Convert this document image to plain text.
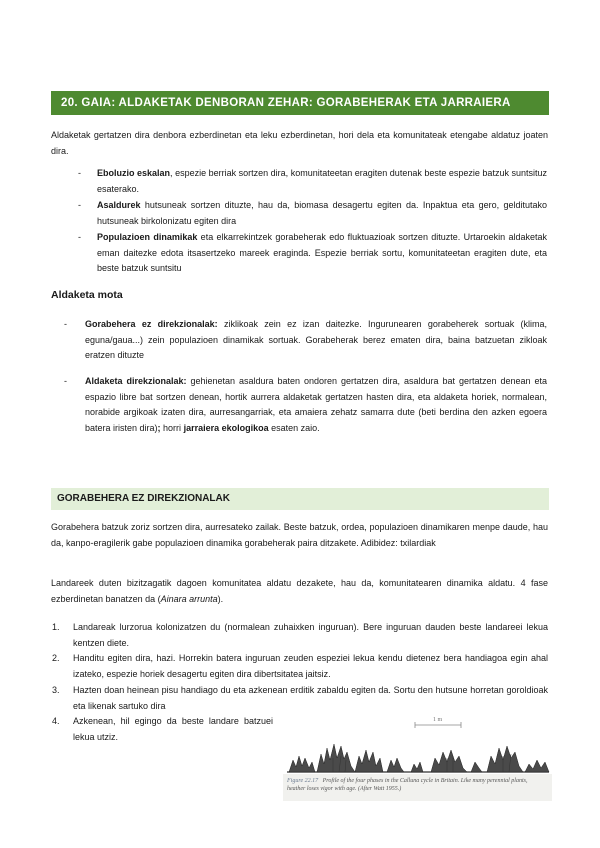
20. GAIA: ALDAKETAK DENBORAN ZEHAR: GORABEHERAK ETA JARRAIERA

Aldaketak gertatzen dira denbora ezberdinetan eta leku ezberdinetan, hori dela eta komunitateak etengabe aldatuz joaten dira.

- Eboluzio eskalan, espezie berriak sortzen dira, komunitateetan eragiten dutenak beste espezie batzuk suntsituz esaterako.
- Asaldurek hutsuneak sortzen dituzte, hau da, biomasa desagertu egiten da. Inpaktua eta gero, gelditutako hutsuneak birkolonizatu egiten dira
- Populazioen dinamikak eta elkarrekintzek gorabeherak edo fluktuazioak sortzen dituzte. Urtaroekin aldaketak eman daitezke edota itsasertzeko mareek eraginda. Espezie berriak sortu, komunitateetan eragiten dute, eta beste batzuk suntsitu
Aldaketa mota
- Gorabehera ez direkzionalak: ziklikoak zein ez izan daitezke. Ingurunearen gorabeherek sortuak (klima, eguna/gaua...) zein populazioen dinamikak sortuak. Gorabeherak berez ematen dira, baina batzuetan zikloak eratzen dituzte
- Aldaketa direkzionalak: gehienetan asaldura baten ondoren gertatzen dira, asaldura bat gertatzen denean eta espazio libre bat sortzen denean, hortik aurrera aldaketak gertatzen hasten dira, eta aldaketa horiek, normalean, norabide argikoak izaten dira, aurresangarriak, eta amaiera zehatz samarra dute (beti berdina den azken egoera batera iristen dira); horri jarraiera ekologikoa esaten zaio.
GORABEHERA EZ DIREKZIONALAK

Gorabehera batzuk zoriz sortzen dira, aurresateko zailak. Beste batzuk, ordea, populazioen dinamikaren menpe daude, hau da, kanpo-eragilerik gabe populazioen dinamika gorabeherak paira ditzakete. Adibidez: txilardiak

Landareek duten bizitzagatik dagoen komunitatea aldatu dezakete, hau da, komunitatearen dinamika aldatu. 4 fase ezberdinetan banatzen da (Ainara arrunta).

1. Landareak lurzorua kolonizatzen du (normalean zuhaixken inguruan). Bere inguruan dauden beste landareei lekua kentzen diete.
2. Handitu egiten dira, hazi. Horrekin batera inguruan zeuden espeziei lekua kendu dietenez bera handiagoa egin ahal izateko, espezie horiek desagertu egiten dira dibertsitatea jaitsiz.
3. Hazten doan heinean pisu handiago du eta azkenean erditik zabaldu egiten da. Sortu den hutsune horretan goroldioak eta likenak sartuko dira
4. Azkenean, hil egingo da beste landare batzuei lekua utziz.
1 m
Figure 22.17 Profile of the four phases in the Calluna cycle in Britain. Like many perennial plants, heather loses vigor with age. (After Watt 1955.)
